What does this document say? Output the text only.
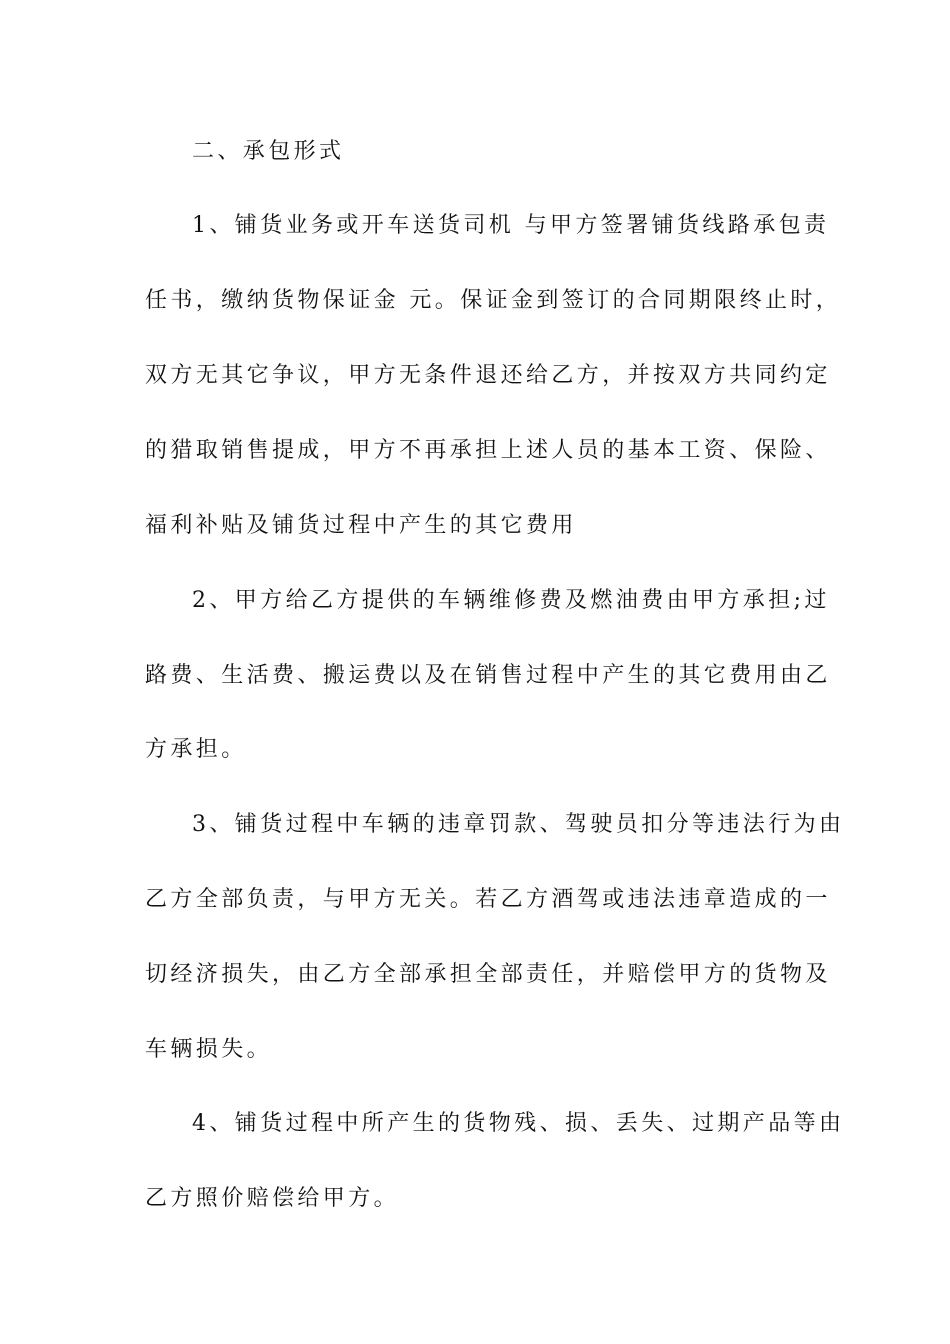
二、承包形式

1、铺货业务或开车送货司机 与甲方签署铺货线路承包责

任书，缴纳货物保证金 元。保证金到签订的合同期限终止时，

双方无其它争议，甲方无条件退还给乙方，并按双方共同约定

的猎取销售提成，甲方不再承担上述人员的基本工资、保险、

福利补贴及铺货过程中产生的其它费用

2、甲方给乙方提供的车辆维修费及燃油费由甲方承担;过

路费、生活费、搬运费以及在销售过程中产生的其它费用由乙

方承担。

3、铺货过程中车辆的违章罚款、驾驶员扣分等违法行为由

乙方全部负责，与甲方无关。若乙方酒驾或违法违章造成的一

切经济损失，由乙方全部承担全部责任，并赔偿甲方的货物及

车辆损失。

4、铺货过程中所产生的货物残、损、丢失、过期产品等由

乙方照价赔偿给甲方。
